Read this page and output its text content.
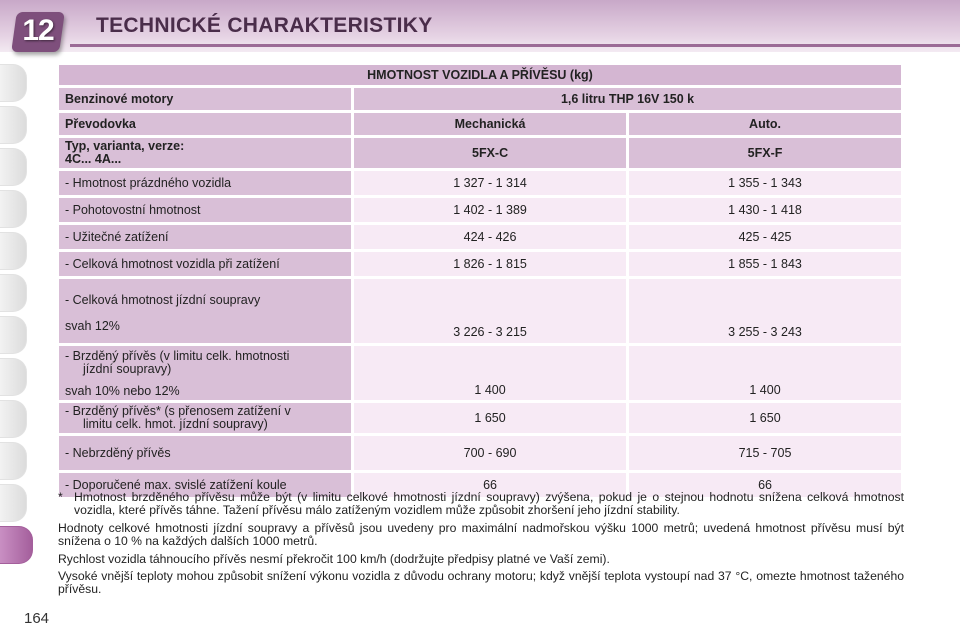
12	TECHNICKÉ CHARAKTERISTIKY
HMOTNOST VOZIDLA A PŘÍVĚSU (kg)		
Benzinové motory	1,6 litru THP 16V 150 k	
Převodovka	Mechanická	Auto.
Typ, varianta, verze:
4C... 4A...	5FX-C	5FX-F
- Hmotnost prázdného vozidla	1 327 - 1 314	1 355 - 1 343
- Pohotovostní hmotnost	1 402 - 1 389	1 430 - 1 418
- Užitečné zatížení	424 - 426	425 - 425
- Celková hmotnost vozidla při zatížení	1 826 - 1 815	1 855 - 1 843
- Celková hmotnost jízdní soupravy
svah 12%	3 226 - 3 215	3 255 - 3 243
- Brzděný přívěs (v limitu celk. hmotnosti

jízdní soupravy)
svah 10% nebo 12%	1 400	1 400
- Brzděný přívěs* (s přenosem zatížení v

limitu celk. hmot. jízdní soupravy)	1 650	1 650
- Nebrzděný přívěs	700 - 690	715 - 705
- Doporučené max. svislé zatížení koule	66	66

* Hmotnost brzděného přívěsu může být (v limitu celkové hmotnosti jízdní soupravy) zvýšena, pokud je o stejnou hodnotu snížena celková hmotnost vozidla, které přívěs táhne. Tažení přívěsu málo zatíženým vozidlem může způsobit zhoršení jeho jízdní stability.

Hodnoty celkové hmotnosti jízdní soupravy a přívěsů jsou uvedeny pro maximální nadmořskou výšku 1000 metrů; uvedená hmotnost přívěsu musí být snížena o 10 % na každých dalších 1000 metrů.

Rychlost vozidla táhnoucího přívěs nesmí překročit 100 km/h (dodržujte předpisy platné ve Vaší zemi).

Vysoké vnější teploty mohou způsobit snížení výkonu vozidla z důvodu ochrany motoru; když vnější teplota vystoupí nad 37 °C, omezte hmotnost taženého přívěsu.

164
